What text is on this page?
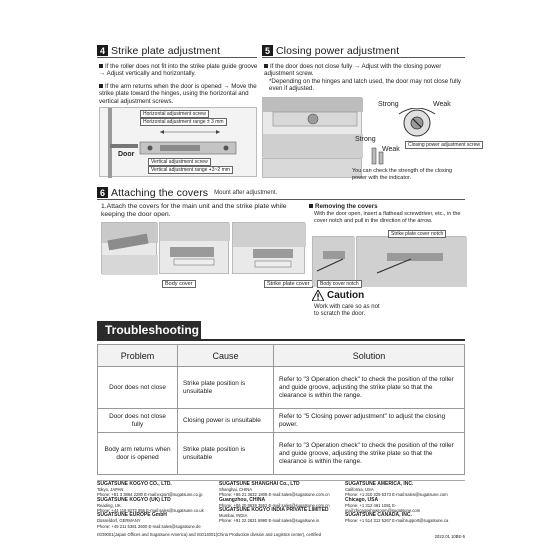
4 Strike plate adjustment
If the roller does not fit into the strike plate guide groove → Adjust vertically and horizontally.
If the arm returns when the door is opened → Move the strike plate toward the hinges, using the horizontal and vertical adjustment screws.
Horizontal adjustment screw
Horizontal adjustment range ± 3 mm
Door
Vertical adjustment screw
Vertical adjustment range +3~2 mm
5 Closing power adjustment
If the door does not close fully → Adjust with the closing power adjustment screw.
*Depending on the hinges and latch used, the door may not close fully even if adjusted.
Strong	Weak
Closing power adjustment screw
Strong
Weak
You can check the strength of the closing power with the indicator.
6 Attaching the covers Mount after adjustment.
1.Attach the covers for the main unit and the strike plate while keeping the door open.
Body cover	Strike plate cover
Removing the covers
With the door open, insert a flathead screwdriver, etc., in the cover notch and pull in the direction of the arrow.
Strike plate cover notch
Body cover notch
Caution
Work with care so as not to scratch the door.
Troubleshooting
Problem	Cause	Solution
Door does not close	Strike plate position is unsuitable	Refer to "3 Operation check" to check the position of the roller and guide groove, adjusting the strike plate so that the clearance is within the range.
Door does not close fully	Closing power is unsuitable	Refer to "5 Closing power adjustment" to adjust the closing power.
Body arm returns when door is opened	Strike plate position is unsuitable	Refer to "3 Operation check" to check the position of the roller and guide groove, adjusting the strike plate so that the clearance is within the range.
SUGATSUNE KOGYO CO., LTD.
Tokyo, JAPAN
Phone: +81 3 3864 2280 E-mail:export@sugatsune.co.jp
SUGATSUNE KOGYO (UK) LTD
Reading, UK
Phone: +44 118 9272 955 E-mail:sales@sugatsune.co.uk
SUGATSUNE EUROPE GmbH
Düsseldorf, GERMANY
Phone: +49 211 5381 2600 E-mail:sales@sugatsune.de
SUGATSUNE SHANGHAI Co., LTD
Shanghai, CHINA
Phone: +86 21 3632 1808 E-mail:sales@sugatsune.com.cn
Guangzhou, CHINA
Phone: +86 20 8639 3552 E-mail:sales@sugatsune.com.cn
SUGATSUNE KOGYO INDIA PRIVATE LIMITED
Mumbai, INDIA
Phone: +91 22 2631 6990 E-mail:sales@sugatsune.in
SUGATSUNE AMERICA, INC.
California, USA
Phone: +1 310 329 6373 E-mail:sales@sugatsune.com
Chicago, USA
Phone: +1 312 461 1081 E-mail:chicagoshowroom@sugatsune.com
SUGATSUNE CANADA, INC.
Phone: +1 514 312 5267 E-mail:support@sugatsune.ca
ISO9001(Japan Offices and Sugatsune America) and ISO14001(China Production division and Logistics center), certified	2022.01 10BE-5
